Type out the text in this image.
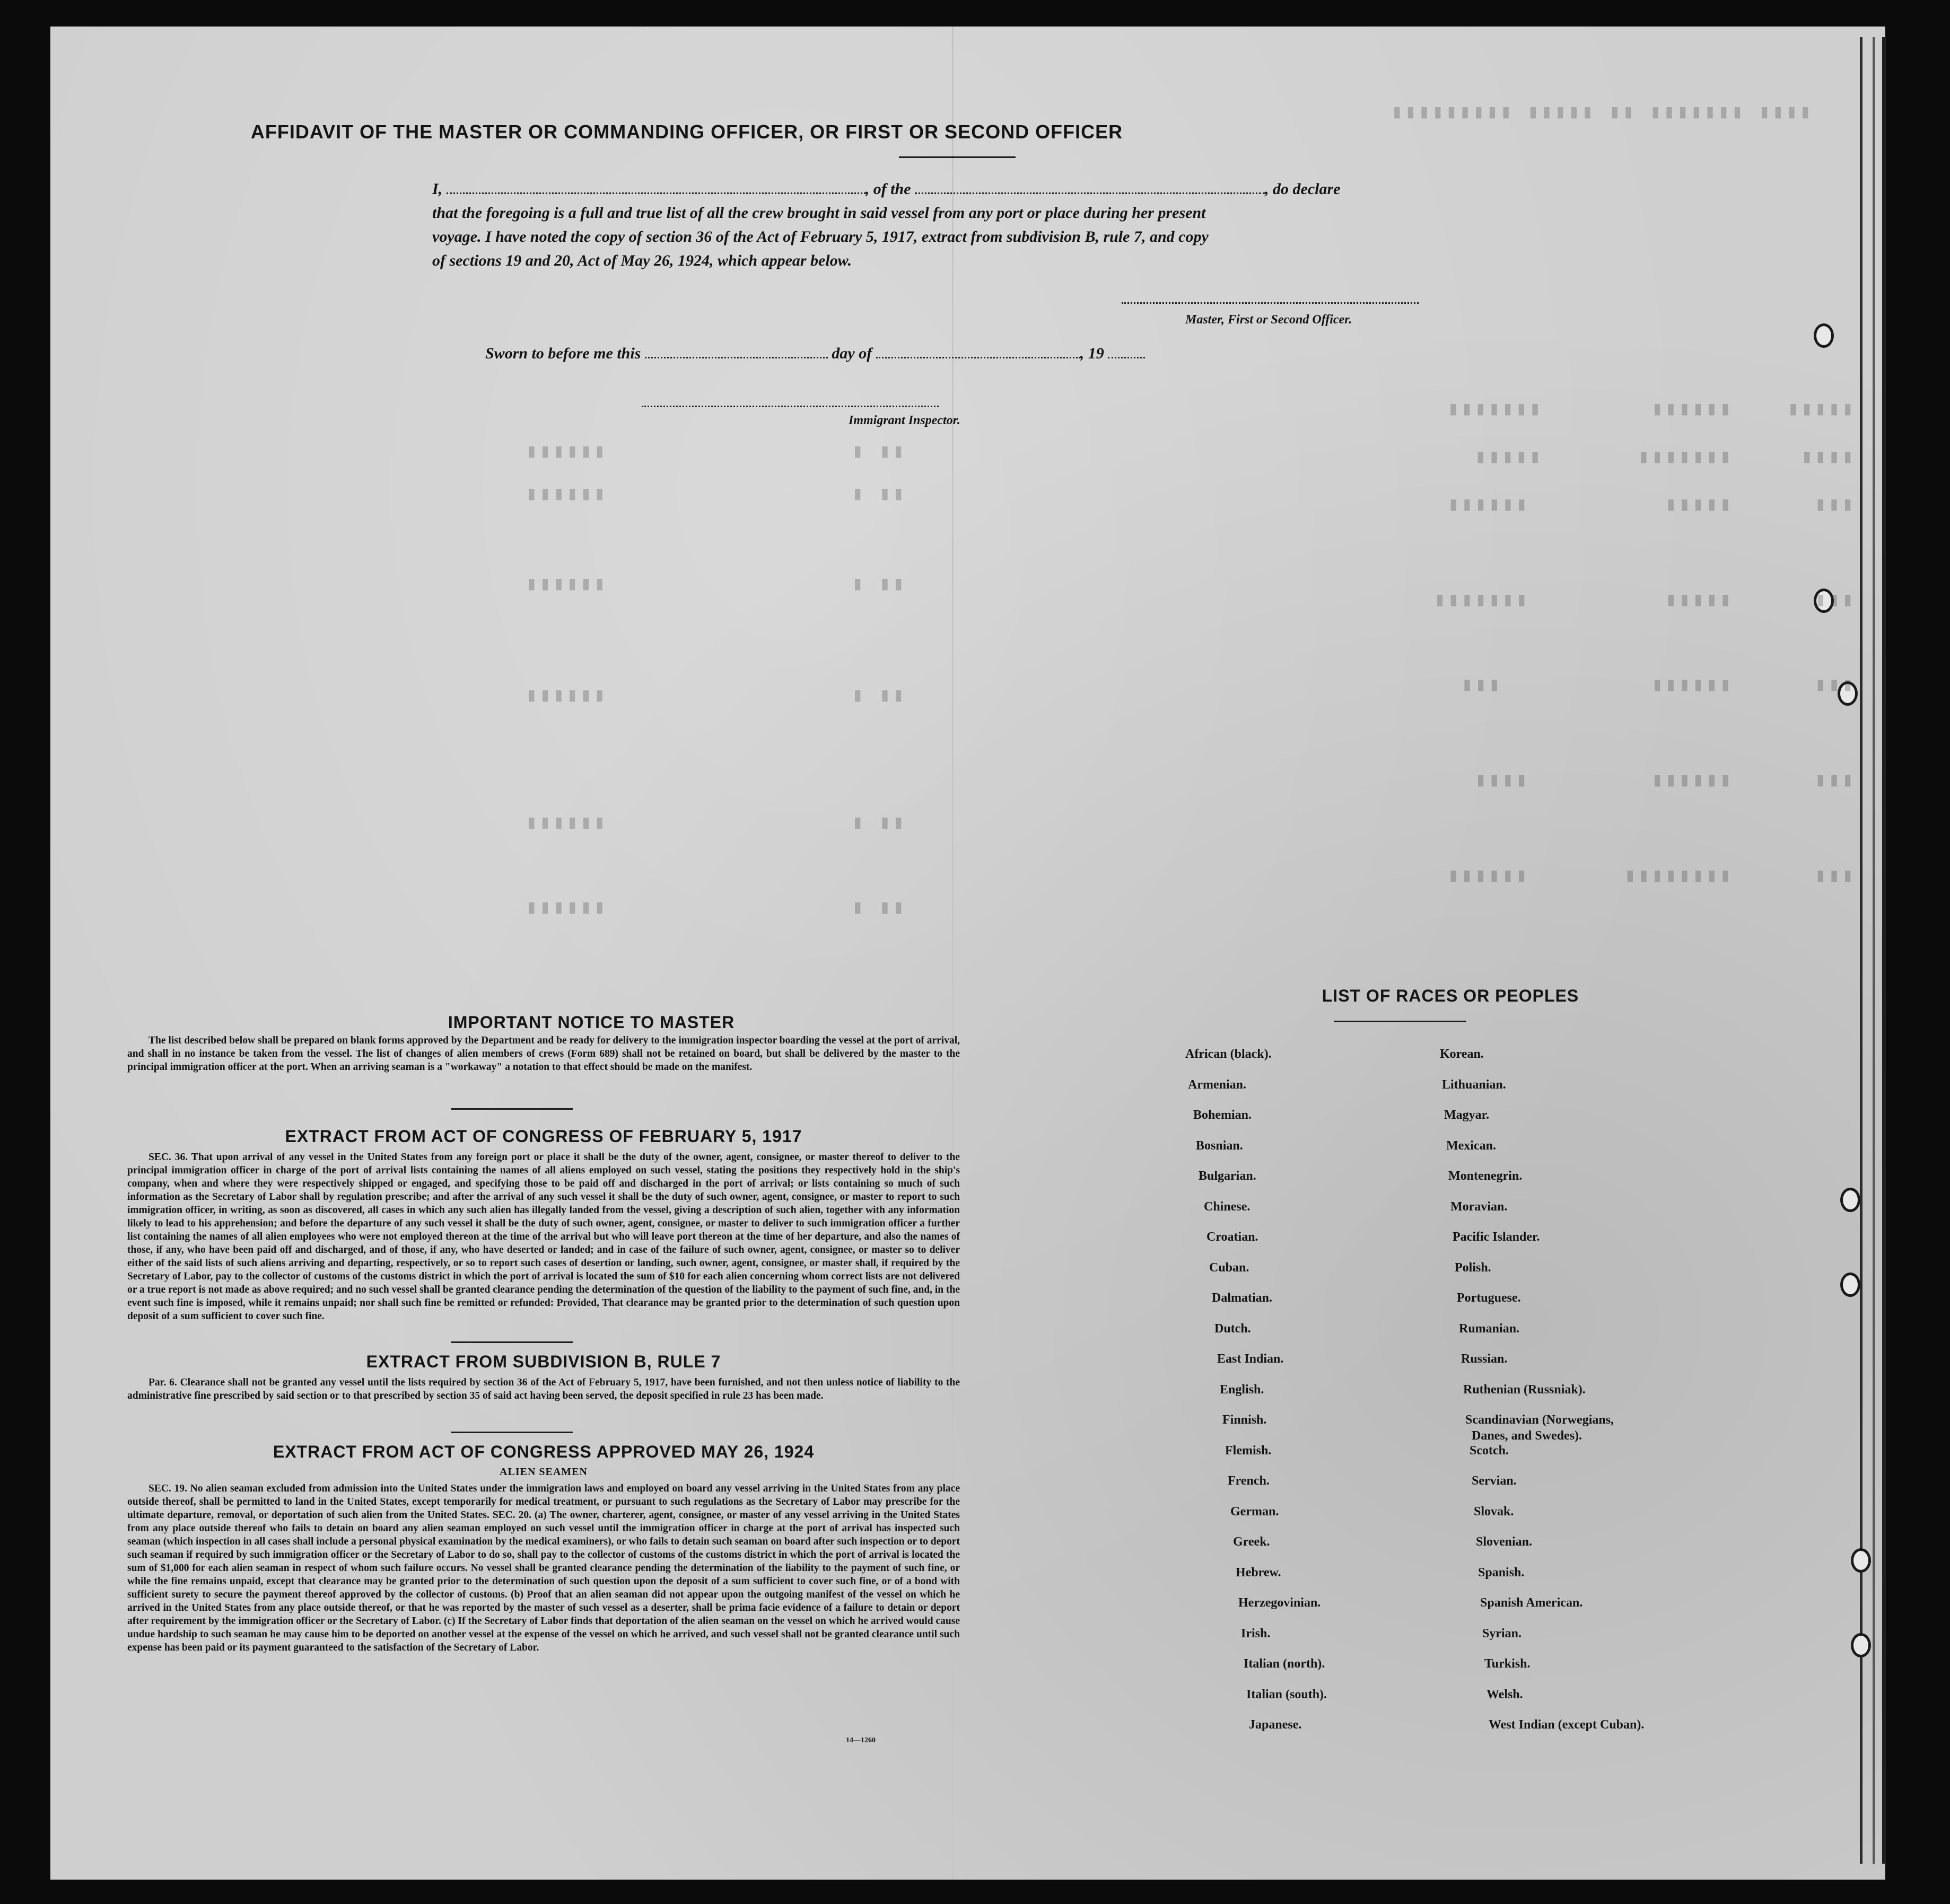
▮▮▮▮ ▮▮▮▮▮▮▮ ▮▮ ▮▮▮▮▮ ▮▮▮▮▮▮▮▮▮
▮▮▮▮▮    ▮▮▮▮▮▮        ▮▮▮▮▮▮▮
▮▮▮▮     ▮▮▮▮▮▮▮       ▮▮▮▮▮
▮▮▮      ▮▮▮▮▮          ▮▮▮▮▮▮
▮▮▮      ▮▮▮▮▮          ▮▮▮▮▮▮▮
▮▮▮      ▮▮▮▮▮▮           ▮▮▮
▮▮▮      ▮▮▮▮▮▮         ▮▮▮▮
▮▮▮      ▮▮▮▮▮▮▮▮       ▮▮▮▮▮▮
▮▮ ▮                  ▮▮▮▮▮▮
▮▮ ▮                  ▮▮▮▮▮▮
▮▮ ▮                  ▮▮▮▮▮▮
▮▮ ▮                  ▮▮▮▮▮▮
▮▮ ▮                  ▮▮▮▮▮▮
▮▮ ▮                  ▮▮▮▮▮▮
AFFIDAVIT OF THE MASTER OR COMMANDING OFFICER, OR FIRST OR SECOND OFFICER
I,	, of the	, do declare
that the foregoing is a full and true list of all the crew brought in said vessel from any port or place during her present
voyage. I have noted the copy of section 36 of the Act of February 5, 1917, extract from subdivision B, rule 7, and copy
of sections 19 and 20, Act of May 26, 1924, which appear below.
Master, First or Second Officer.
Sworn to before me this	day of	, 19
Immigrant Inspector.
IMPORTANT NOTICE TO MASTER
The list described below shall be prepared on blank forms approved by the Department and be ready for delivery to the immigration inspector boarding the vessel at the port of arrival, and shall in no instance be taken from the vessel. The list of changes of alien members of crews (Form 689) shall not be retained on board, but shall be delivered by the master to the principal immigration officer at the port. When an arriving seaman is a "workaway" a notation to that effect should be made on the manifest.
EXTRACT FROM ACT OF CONGRESS OF FEBRUARY 5, 1917
SEC. 36. That upon arrival of any vessel in the United States from any foreign port or place it shall be the duty of the owner, agent, consignee, or master thereof to deliver to the principal immigration officer in charge of the port of arrival lists containing the names of all aliens employed on such vessel, stating the positions they respectively hold in the ship's company, when and where they were respectively shipped or engaged, and specifying those to be paid off and discharged in the port of arrival; or lists containing so much of such information as the Secretary of Labor shall by regulation prescribe; and after the arrival of any such vessel it shall be the duty of such owner, agent, consignee, or master to report to such immigration officer, in writing, as soon as discovered, all cases in which any such alien has illegally landed from the vessel, giving a description of such alien, together with any information likely to lead to his apprehension; and before the departure of any such vessel it shall be the duty of such owner, agent, consignee, or master to deliver to such immigration officer a further list containing the names of all alien employees who were not employed thereon at the time of the arrival but who will leave port thereon at the time of her departure, and also the names of those, if any, who have been paid off and discharged, and of those, if any, who have deserted or landed; and in case of the failure of such owner, agent, consignee, or master so to deliver either of the said lists of such aliens arriving and departing, respectively, or so to report such cases of desertion or landing, such owner, agent, consignee, or master shall, if required by the Secretary of Labor, pay to the collector of customs of the customs district in which the port of arrival is located the sum of $10 for each alien concerning whom correct lists are not delivered or a true report is not made as above required; and no such vessel shall be granted clearance pending the determination of the question of the liability to the payment of such fine, and, in the event such fine is imposed, while it remains unpaid; nor shall such fine be remitted or refunded: Provided, That clearance may be granted prior to the determination of such question upon deposit of a sum sufficient to cover such fine.
EXTRACT FROM SUBDIVISION B, RULE 7
Par. 6. Clearance shall not be granted any vessel until the lists required by section 36 of the Act of February 5, 1917, have been furnished, and not then unless notice of liability to the administrative fine prescribed by said section or to that prescribed by section 35 of said act having been served, the deposit specified in rule 23 has been made.
EXTRACT FROM ACT OF CONGRESS APPROVED MAY 26, 1924
ALIEN SEAMEN
SEC. 19. No alien seaman excluded from admission into the United States under the immigration laws and employed on board any vessel arriving in the United States from any place outside thereof, shall be permitted to land in the United States, except temporarily for medical treatment, or pursuant to such regulations as the Secretary of Labor may prescribe for the ultimate departure, removal, or deportation of such alien from the United States. SEC. 20. (a) The owner, charterer, agent, consignee, or master of any vessel arriving in the United States from any place outside thereof who fails to detain on board any alien seaman employed on such vessel until the immigration officer in charge at the port of arrival has inspected such seaman (which inspection in all cases shall include a personal physical examination by the medical examiners), or who fails to detain such seaman on board after such inspection or to deport such seaman if required by such immigration officer or the Secretary of Labor to do so, shall pay to the collector of customs of the customs district in which the port of arrival is located the sum of $1,000 for each alien seaman in respect of whom such failure occurs. No vessel shall be granted clearance pending the determination of the liability to the payment of such fine, or while the fine remains unpaid, except that clearance may be granted prior to the determination of such question upon the deposit of a sum sufficient to cover such fine, or of a bond with sufficient surety to secure the payment thereof approved by the collector of customs. (b) Proof that an alien seaman did not appear upon the outgoing manifest of the vessel on which he arrived in the United States from any place outside thereof, or that he was reported by the master of such vessel as a deserter, shall be prima facie evidence of a failure to detain or deport after requirement by the immigration officer or the Secretary of Labor. (c) If the Secretary of Labor finds that deportation of the alien seaman on the vessel on which he arrived would cause undue hardship to such seaman he may cause him to be deported on another vessel at the expense of the vessel on which he arrived, and such vessel shall not be granted clearance until such expense has been paid or its payment guaranteed to the satisfaction of the Secretary of Labor.
14—1260
LIST OF RACES OR PEOPLES
African (black).
Armenian.
Bohemian.
Bosnian.
Bulgarian.
Chinese.
Croatian.
Cuban.
Dalmatian.
Dutch.
East Indian.
English.
Finnish.
Flemish.
French.
German.
Greek.
Hebrew.
Herzegovinian.
Irish.
Italian (north).
Italian (south).
Japanese.
Korean.
Lithuanian.
Magyar.
Mexican.
Montenegrin.
Moravian.
Pacific Islander.
Polish.
Portuguese.
Rumanian.
Russian.
Ruthenian (Russniak).
Scandinavian (Norwegians,
Danes, and Swedes).
Scotch.
Servian.
Slovak.
Slovenian.
Spanish.
Spanish American.
Syrian.
Turkish.
Welsh.
West Indian (except Cuban).
